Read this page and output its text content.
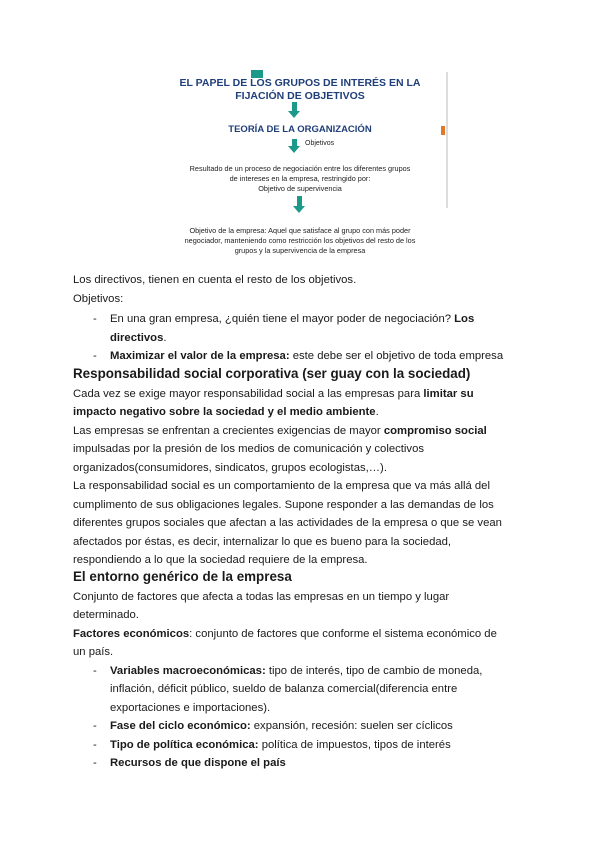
EL PAPEL DE LOS GRUPOS DE INTERÉS EN LA
FIJACIÓN DE OBJETIVOS
TEORÍA DE LA ORGANIZACIÓN
Objetivos
Resultado de un proceso de negociación entre los diferentes grupos
de intereses en la empresa, restringido por:
Objetivo de supervivencia
Objetivo de la empresa: Aquel que satisface al grupo con más poder
negociador, manteniendo como restricción los objetivos del resto de los
grupos y la supervivencia de la empresa
Los directivos, tienen en cuenta el resto de los objetivos.
Objetivos:
- En una gran empresa, ¿quién tiene el mayor poder de negociación? Los
directivos.
- Maximizar el valor de la empresa: este debe ser el objetivo de toda empresa
Responsabilidad social corporativa (ser guay con la sociedad)
Cada vez se exige mayor responsabilidad social a las empresas para limitar su
impacto negativo sobre la sociedad y el medio ambiente.
Las empresas se enfrentan a crecientes exigencias de mayor compromiso social
impulsadas por la presión de los medios de comunicación y colectivos
organizados(consumidores, sindicatos, grupos ecologistas,…).
La responsabilidad social es un comportamiento de la empresa que va más allá del
cumplimento de sus obligaciones legales. Supone responder a las demandas de los
diferentes grupos sociales que afectan a las actividades de la empresa o que se vean
afectados por éstas, es decir, internalizar lo que es bueno para la sociedad,
respondiendo a lo que la sociedad requiere de la empresa.
El entorno genérico de la empresa
Conjunto de factores que afecta a todas las empresas en un tiempo y lugar
determinado.
Factores económicos: conjunto de factores que conforme el sistema económico de
un país.
- Variables macroeconómicas: tipo de interés, tipo de cambio de moneda,
inflación, déficit público, sueldo de balanza comercial(diferencia entre
exportaciones e importaciones).
- Fase del ciclo económico: expansión, recesión: suelen ser cíclicos
- Tipo de política económica: política de impuestos, tipos de interés
- Recursos de que dispone el país
